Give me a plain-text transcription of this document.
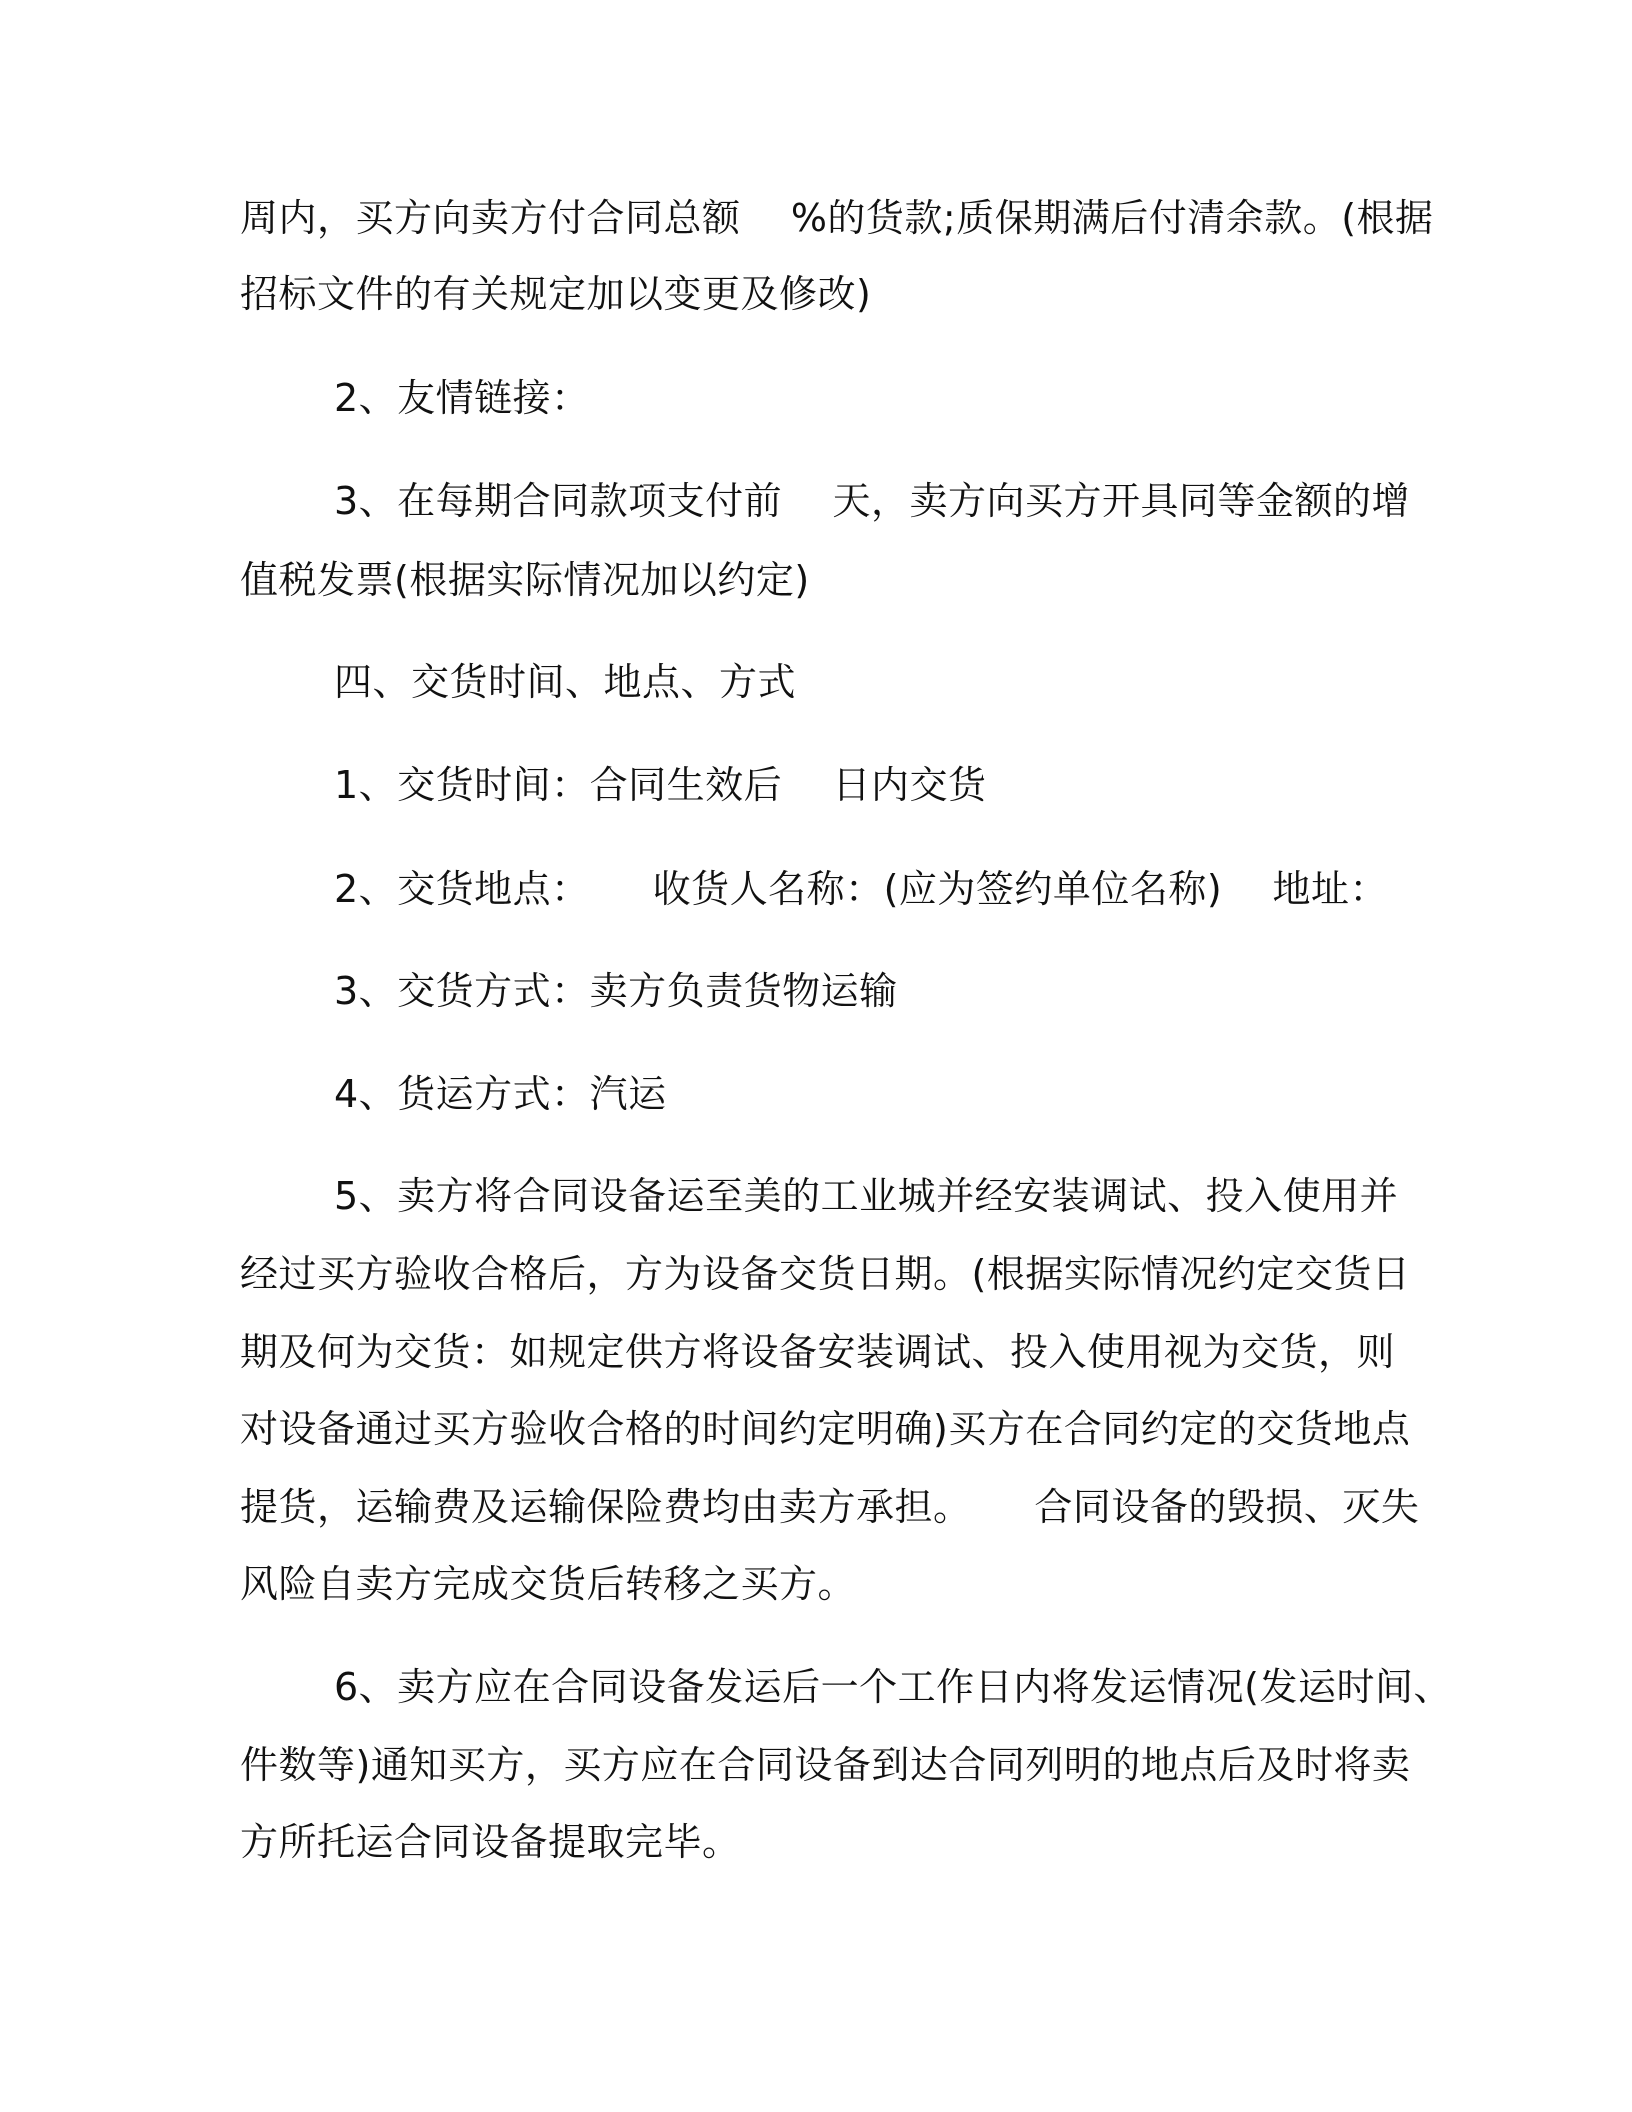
周内，买方向卖方付合同总额    %的货款;质保期满后付清余款。(根据
招标文件的有关规定加以变更及修改)
2、友情链接：
3、在每期合同款项支付前    天，卖方向买方开具同等金额的增
值税发票(根据实际情况加以约定)
四、交货时间、地点、方式
1、交货时间：合同生效后    日内交货
2、交货地点：     收货人名称：(应为签约单位名称)    地址：
3、交货方式：卖方负责货物运输
4、货运方式：汽运
5、卖方将合同设备运至美的工业城并经安装调试、投入使用并
经过买方验收合格后，方为设备交货日期。(根据实际情况约定交货日
期及何为交货：如规定供方将设备安装调试、投入使用视为交货，则
对设备通过买方验收合格的时间约定明确)买方在合同约定的交货地点
提货，运输费及运输保险费均由卖方承担。     合同设备的毁损、灭失
风险自卖方完成交货后转移之买方。
6、卖方应在合同设备发运后一个工作日内将发运情况(发运时间、
件数等)通知买方，买方应在合同设备到达合同列明的地点后及时将卖
方所托运合同设备提取完毕。
